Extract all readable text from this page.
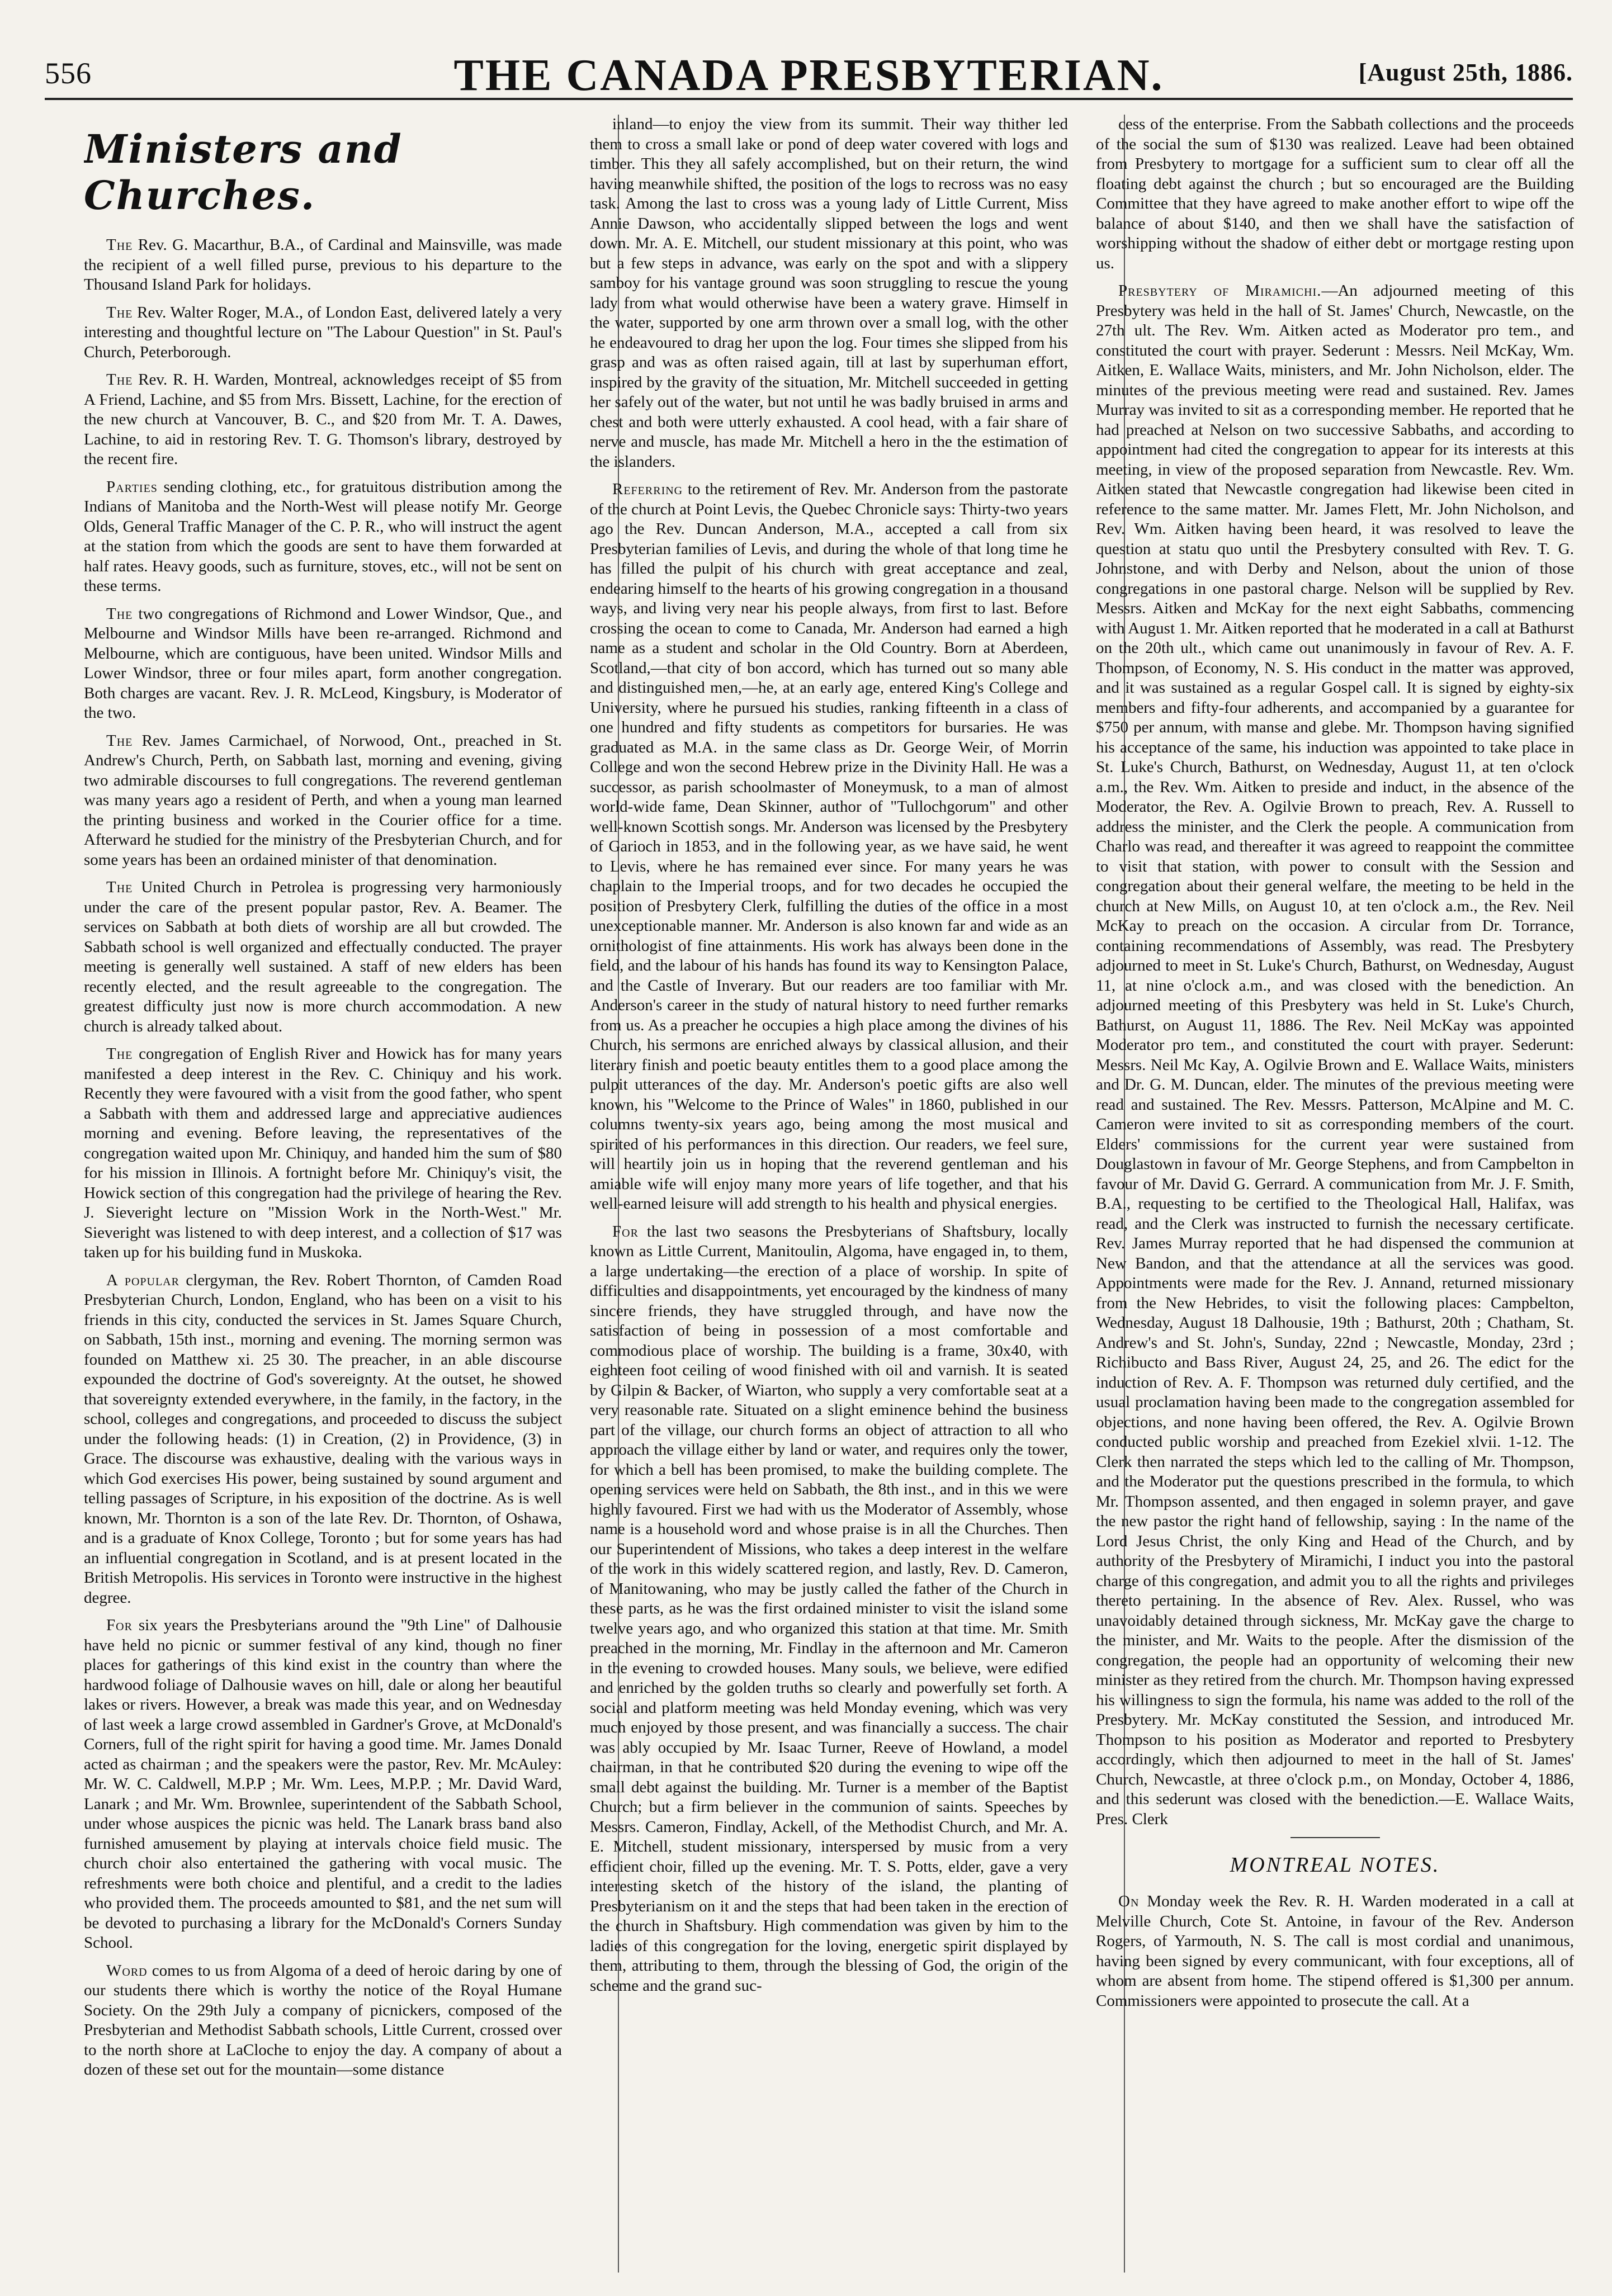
556	THE CANADA PRESBYTERIAN.	[August 25th, 1886.
Ministers and Churches.

The Rev. G. Macarthur, B.A., of Cardinal and Mainsville, was made the recipient of a well filled purse, previous to his departure to the Thousand Island Park for holidays.

The Rev. Walter Roger, M.A., of London East, delivered lately a very interesting and thoughtful lecture on "The Labour Question" in St. Paul's Church, Peterborough.

The Rev. R. H. Warden, Montreal, acknowledges receipt of $5 from A Friend, Lachine, and $5 from Mrs. Bissett, Lachine, for the erection of the new church at Vancouver, B. C., and $20 from Mr. T. A. Dawes, Lachine, to aid in restoring Rev. T. G. Thomson's library, destroyed by the recent fire.

Parties sending clothing, etc., for gratuitous distribution among the Indians of Manitoba and the North-West will please notify Mr. George Olds, General Traffic Manager of the C. P. R., who will instruct the agent at the station from which the goods are sent to have them forwarded at half rates. Heavy goods, such as furniture, stoves, etc., will not be sent on these terms.

The two congregations of Richmond and Lower Windsor, Que., and Melbourne and Windsor Mills have been re-arranged. Richmond and Melbourne, which are contiguous, have been united. Windsor Mills and Lower Windsor, three or four miles apart, form another congregation. Both charges are vacant. Rev. J. R. McLeod, Kingsbury, is Moderator of the two.

The Rev. James Carmichael, of Norwood, Ont., preached in St. Andrew's Church, Perth, on Sabbath last, morning and evening, giving two admirable discourses to full congregations. The reverend gentleman was many years ago a resident of Perth, and when a young man learned the printing business and worked in the Courier office for a time. Afterward he studied for the ministry of the Presbyterian Church, and for some years has been an ordained minister of that denomination.

The United Church in Petrolea is progressing very harmoniously under the care of the present popular pastor, Rev. A. Beamer. The services on Sabbath at both diets of worship are all but crowded. The Sabbath school is well organized and effectually conducted. The prayer meeting is generally well sustained. A staff of new elders has been recently elected, and the result agreeable to the congregation. The greatest difficulty just now is more church accommodation. A new church is already talked about.

The congregation of English River and Howick has for many years manifested a deep interest in the Rev. C. Chiniquy and his work. Recently they were favoured with a visit from the good father, who spent a Sabbath with them and addressed large and appreciative audiences morning and evening. Before leaving, the representatives of the congregation waited upon Mr. Chiniquy, and handed him the sum of $80 for his mission in Illinois. A fortnight before Mr. Chiniquy's visit, the Howick section of this congregation had the privilege of hearing the Rev. J. Sieveright lecture on "Mission Work in the North-West." Mr. Sieveright was listened to with deep interest, and a collection of $17 was taken up for his building fund in Muskoka.

A popular clergyman, the Rev. Robert Thornton, of Camden Road Presbyterian Church, London, England, who has been on a visit to his friends in this city, conducted the services in St. James Square Church, on Sabbath, 15th inst., morning and evening. The morning sermon was founded on Matthew xi. 25 30. The preacher, in an able discourse expounded the doctrine of God's sovereignty. At the outset, he showed that sovereignty extended everywhere, in the family, in the factory, in the school, colleges and congregations, and proceeded to discuss the subject under the following heads: (1) in Creation, (2) in Providence, (3) in Grace. The discourse was exhaustive, dealing with the various ways in which God exercises His power, being sustained by sound argument and telling passages of Scripture, in his exposition of the doctrine. As is well known, Mr. Thornton is a son of the late Rev. Dr. Thornton, of Oshawa, and is a graduate of Knox College, Toronto ; but for some years has had an influential congregation in Scotland, and is at present located in the British Metropolis. His services in Toronto were instructive in the highest degree.

For six years the Presbyterians around the "9th Line" of Dalhousie have held no picnic or summer festival of any kind, though no finer places for gatherings of this kind exist in the country than where the hardwood foliage of Dalhousie waves on hill, dale or along her beautiful lakes or rivers. However, a break was made this year, and on Wednesday of last week a large crowd assembled in Gardner's Grove, at McDonald's Corners, full of the right spirit for having a good time. Mr. James Donald acted as chairman ; and the speakers were the pastor, Rev. Mr. McAuley: Mr. W. C. Caldwell, M.P.P ; Mr. Wm. Lees, M.P.P. ; Mr. David Ward, Lanark ; and Mr. Wm. Brownlee, superintendent of the Sabbath School, under whose auspices the picnic was held. The Lanark brass band also furnished amusement by playing at intervals choice field music. The church choir also entertained the gathering with vocal music. The refreshments were both choice and plentiful, and a credit to the ladies who provided them. The proceeds amounted to $81, and the net sum will be devoted to purchasing a library for the McDonald's Corners Sunday School.

Word comes to us from Algoma of a deed of heroic daring by one of our students there which is worthy the notice of the Royal Humane Society. On the 29th July a company of picnickers, composed of the Presbyterian and Methodist Sabbath schools, Little Current, crossed over to the north shore at LaCloche to enjoy the day. A company of about a dozen of these set out for the mountain—some distance

inland—to enjoy the view from its summit. Their way thither led them to cross a small lake or pond of deep water covered with logs and timber. This they all safely accomplished, but on their return, the wind having meanwhile shifted, the position of the logs to recross was no easy task. Among the last to cross was a young lady of Little Current, Miss Annie Dawson, who accidentally slipped between the logs and went down. Mr. A. E. Mitchell, our student missionary at this point, who was but a few steps in advance, was early on the spot and with a slippery samboy for his vantage ground was soon struggling to rescue the young lady from what would otherwise have been a watery grave. Himself in the water, supported by one arm thrown over a small log, with the other he endeavoured to drag her upon the log. Four times she slipped from his grasp and was as often raised again, till at last by superhuman effort, inspired by the gravity of the situation, Mr. Mitchell succeeded in getting her safely out of the water, but not until he was badly bruised in arms and chest and both were utterly exhausted. A cool head, with a fair share of nerve and muscle, has made Mr. Mitchell a hero in the the estimation of the islanders.

Referring to the retirement of Rev. Mr. Anderson from the pastorate of the church at Point Levis, the Quebec Chronicle says: Thirty-two years ago the Rev. Duncan Anderson, M.A., accepted a call from six Presbyterian families of Levis, and during the whole of that long time he has filled the pulpit of his church with great acceptance and zeal, endearing himself to the hearts of his growing congregation in a thousand ways, and living very near his people always, from first to last. Before crossing the ocean to come to Canada, Mr. Anderson had earned a high name as a student and scholar in the Old Country. Born at Aberdeen, Scotland,—that city of bon accord, which has turned out so many able and distinguished men,—he, at an early age, entered King's College and University, where he pursued his studies, ranking fifteenth in a class of one hundred and fifty students as competitors for bursaries. He was graduated as M.A. in the same class as Dr. George Weir, of Morrin College and won the second Hebrew prize in the Divinity Hall. He was a successor, as parish schoolmaster of Moneymusk, to a man of almost world-wide fame, Dean Skinner, author of "Tullochgorum" and other well-known Scottish songs. Mr. Anderson was licensed by the Presbytery of Garioch in 1853, and in the following year, as we have said, he went to Levis, where he has remained ever since. For many years he was chaplain to the Imperial troops, and for two decades he occupied the position of Presbytery Clerk, fulfilling the duties of the office in a most unexceptionable manner. Mr. Anderson is also known far and wide as an ornithologist of fine attainments. His work has always been done in the field, and the labour of his hands has found its way to Kensington Palace, and the Castle of Inverary. But our readers are too familiar with Mr. Anderson's career in the study of natural history to need further remarks from us. As a preacher he occupies a high place among the divines of his Church, his sermons are enriched always by classical allusion, and their literary finish and poetic beauty entitles them to a good place among the pulpit utterances of the day. Mr. Anderson's poetic gifts are also well known, his "Welcome to the Prince of Wales" in 1860, published in our columns twenty-six years ago, being among the most musical and spirited of his performances in this direction. Our readers, we feel sure, will heartily join us in hoping that the reverend gentleman and his amiable wife will enjoy many more years of life together, and that his well-earned leisure will add strength to his health and physical energies.

For the last two seasons the Presbyterians of Shaftsbury, locally known as Little Current, Manitoulin, Algoma, have engaged in, to them, a large undertaking—the erection of a place of worship. In spite of difficulties and disappointments, yet encouraged by the kindness of many sincere friends, they have struggled through, and have now the satisfaction of being in possession of a most comfortable and commodious place of worship. The building is a frame, 30x40, with eighteen foot ceiling of wood finished with oil and varnish. It is seated by Gilpin & Backer, of Wiarton, who supply a very comfortable seat at a very reasonable rate. Situated on a slight eminence behind the business part of the village, our church forms an object of attraction to all who approach the village either by land or water, and requires only the tower, for which a bell has been promised, to make the building complete. The opening services were held on Sabbath, the 8th inst., and in this we were highly favoured. First we had with us the Moderator of Assembly, whose name is a household word and whose praise is in all the Churches. Then our Superintendent of Missions, who takes a deep interest in the welfare of the work in this widely scattered region, and lastly, Rev. D. Cameron, of Manitowaning, who may be justly called the father of the Church in these parts, as he was the first ordained minister to visit the island some twelve years ago, and who organized this station at that time. Mr. Smith preached in the morning, Mr. Findlay in the afternoon and Mr. Cameron in the evening to crowded houses. Many souls, we believe, were edified and enriched by the golden truths so clearly and powerfully set forth. A social and platform meeting was held Monday evening, which was very much enjoyed by those present, and was financially a success. The chair was ably occupied by Mr. Isaac Turner, Reeve of Howland, a model chairman, in that he contributed $20 during the evening to wipe off the small debt against the building. Mr. Turner is a member of the Baptist Church; but a firm believer in the communion of saints. Speeches by Messrs. Cameron, Findlay, Ackell, of the Methodist Church, and Mr. A. E. Mitchell, student missionary, interspersed by music from a very efficient choir, filled up the evening. Mr. T. S. Potts, elder, gave a very interesting sketch of the history of the island, the planting of Presbyterianism on it and the steps that had been taken in the erection of the church in Shaftsbury. High commendation was given by him to the ladies of this congregation for the loving, energetic spirit displayed by them, attributing to them, through the blessing of God, the origin of the scheme and the grand suc-

cess of the enterprise. From the Sabbath collections and the proceeds of the social the sum of $130 was realized. Leave had been obtained from Presbytery to mortgage for a sufficient sum to clear off all the floating debt against the church ; but so encouraged are the Building Committee that they have agreed to make another effort to wipe off the balance of about $140, and then we shall have the satisfaction of worshipping without the shadow of either debt or mortgage resting upon us.

Presbytery of Miramichi.—An adjourned meeting of this Presbytery was held in the hall of St. James' Church, Newcastle, on the 27th ult. The Rev. Wm. Aitken acted as Moderator pro tem., and constituted the court with prayer. Sederunt : Messrs. Neil McKay, Wm. Aitken, E. Wallace Waits, ministers, and Mr. John Nicholson, elder. The minutes of the previous meeting were read and sustained. Rev. James Murray was invited to sit as a corresponding member. He reported that he had preached at Nelson on two successive Sabbaths, and according to appointment had cited the congregation to appear for its interests at this meeting, in view of the proposed separation from Newcastle. Rev. Wm. Aitken stated that Newcastle congregation had likewise been cited in reference to the same matter. Mr. James Flett, Mr. John Nicholson, and Rev. Wm. Aitken having been heard, it was resolved to leave the question at statu quo until the Presbytery consulted with Rev. T. G. Johnstone, and with Derby and Nelson, about the union of those congregations in one pastoral charge. Nelson will be supplied by Rev. Messrs. Aitken and McKay for the next eight Sabbaths, commencing with August 1. Mr. Aitken reported that he moderated in a call at Bathurst on the 20th ult., which came out unanimously in favour of Rev. A. F. Thompson, of Economy, N. S. His conduct in the matter was approved, and it was sustained as a regular Gospel call. It is signed by eighty-six members and fifty-four adherents, and accompanied by a guarantee for $750 per annum, with manse and glebe. Mr. Thompson having signified his acceptance of the same, his induction was appointed to take place in St. Luke's Church, Bathurst, on Wednesday, August 11, at ten o'clock a.m., the Rev. Wm. Aitken to preside and induct, in the absence of the Moderator, the Rev. A. Ogilvie Brown to preach, Rev. A. Russell to address the minister, and the Clerk the people. A communication from Charlo was read, and thereafter it was agreed to reappoint the committee to visit that station, with power to consult with the Session and congregation about their general welfare, the meeting to be held in the church at New Mills, on August 10, at ten o'clock a.m., the Rev. Neil McKay to preach on the occasion. A circular from Dr. Torrance, containing recommendations of Assembly, was read. The Presbytery adjourned to meet in St. Luke's Church, Bathurst, on Wednesday, August 11, at nine o'clock a.m., and was closed with the benediction. An adjourned meeting of this Presbytery was held in St. Luke's Church, Bathurst, on August 11, 1886. The Rev. Neil McKay was appointed Moderator pro tem., and constituted the court with prayer. Sederunt: Messrs. Neil Mc Kay, A. Ogilvie Brown and E. Wallace Waits, ministers and Dr. G. M. Duncan, elder. The minutes of the previous meeting were read and sustained. The Rev. Messrs. Patterson, McAlpine and M. C. Cameron were invited to sit as corresponding members of the court. Elders' commissions for the current year were sustained from Douglastown in favour of Mr. George Stephens, and from Campbelton in favour of Mr. David G. Gerrard. A communication from Mr. J. F. Smith, B.A., requesting to be certified to the Theological Hall, Halifax, was read, and the Clerk was instructed to furnish the necessary certificate. Rev. James Murray reported that he had dispensed the communion at New Bandon, and that the attendance at all the services was good. Appointments were made for the Rev. J. Annand, returned missionary from the New Hebrides, to visit the following places: Campbelton, Wednesday, August 18 Dalhousie, 19th ; Bathurst, 20th ; Chatham, St. Andrew's and St. John's, Sunday, 22nd ; Newcastle, Monday, 23rd ; Richibucto and Bass River, August 24, 25, and 26. The edict for the induction of Rev. A. F. Thompson was returned duly certified, and the usual proclamation having been made to the congregation assembled for objections, and none having been offered, the Rev. A. Ogilvie Brown conducted public worship and preached from Ezekiel xlvii. 1-12. The Clerk then narrated the steps which led to the calling of Mr. Thompson, and the Moderator put the questions prescribed in the formula, to which Mr. Thompson assented, and then engaged in solemn prayer, and gave the new pastor the right hand of fellowship, saying : In the name of the Lord Jesus Christ, the only King and Head of the Church, and by authority of the Presbytery of Miramichi, I induct you into the pastoral charge of this congregation, and admit you to all the rights and privileges thereto pertaining. In the absence of Rev. Alex. Russel, who was unavoidably detained through sickness, Mr. McKay gave the charge to the minister, and Mr. Waits to the people. After the dismission of the congregation, the people had an opportunity of welcoming their new minister as they retired from the church. Mr. Thompson having expressed his willingness to sign the formula, his name was added to the roll of the Presbytery. Mr. McKay constituted the Session, and introduced Mr. Thompson to his position as Moderator and reported to Presbytery accordingly, which then adjourned to meet in the hall of St. James' Church, Newcastle, at three o'clock p.m., on Monday, October 4, 1886, and this sederunt was closed with the benediction.—E. Wallace Waits, Pres. Clerk

MONTREAL NOTES.

On Monday week the Rev. R. H. Warden moderated in a call at Melville Church, Cote St. Antoine, in favour of the Rev. Anderson Rogers, of Yarmouth, N. S. The call is most cordial and unanimous, having been signed by every communicant, with four exceptions, all of whom are absent from home. The stipend offered is $1,300 per annum. Commissioners were appointed to prosecute the call. At a
